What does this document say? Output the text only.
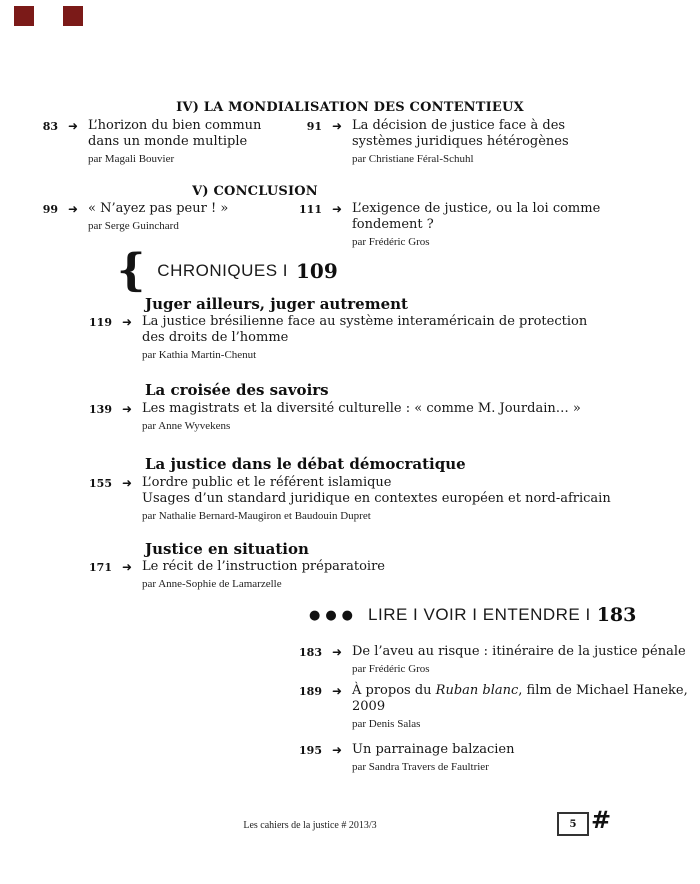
IV) LA MONDIALISATION DES CONTENTIEUX
83 ➜ L’horizon du bien commun
dans un monde multiple
par Magali Bouvier
91 ➜ La décision de justice face à des
systèmes juridiques hétérogènes
par Christiane Féral-Schuhl
V) CONCLUSION
99 ➜ « N’ayez pas peur ! »
par Serge Guinchard
111 ➜ L’exigence de justice, ou la loi comme
fondement ?
par Frédéric Gros
{ CHRONIQUES I 109
Juger ailleurs, juger autrement
119 ➜ La justice brésilienne face au système interaméricain de protection
des droits de l’homme
par Kathia Martin-Chenut
La croisée des savoirs
139 ➜ Les magistrats et la diversité culturelle : « comme M. Jourdain… »
par Anne Wyvekens
La justice dans le débat démocratique
155 ➜ L’ordre public et le référent islamique
Usages d’un standard juridique en contextes européen et nord-africain
par Nathalie Bernard-Maugiron et Baudouin Dupret
Justice en situation
171 ➜ Le récit de l’instruction préparatoire
par Anne-Sophie de Lamarzelle
●●● LIRE I VOIR I ENTENDRE I 183
183 ➜ De l’aveu au risque : itinéraire de la justice pénale
par Frédéric Gros
189 ➜ À propos du Ruban blanc, film de Michael Haneke,
2009
par Denis Salas
195 ➜ Un parrainage balzacien
par Sandra Travers de Faultrier
Les cahiers de la justice # 2013/3	5 #
